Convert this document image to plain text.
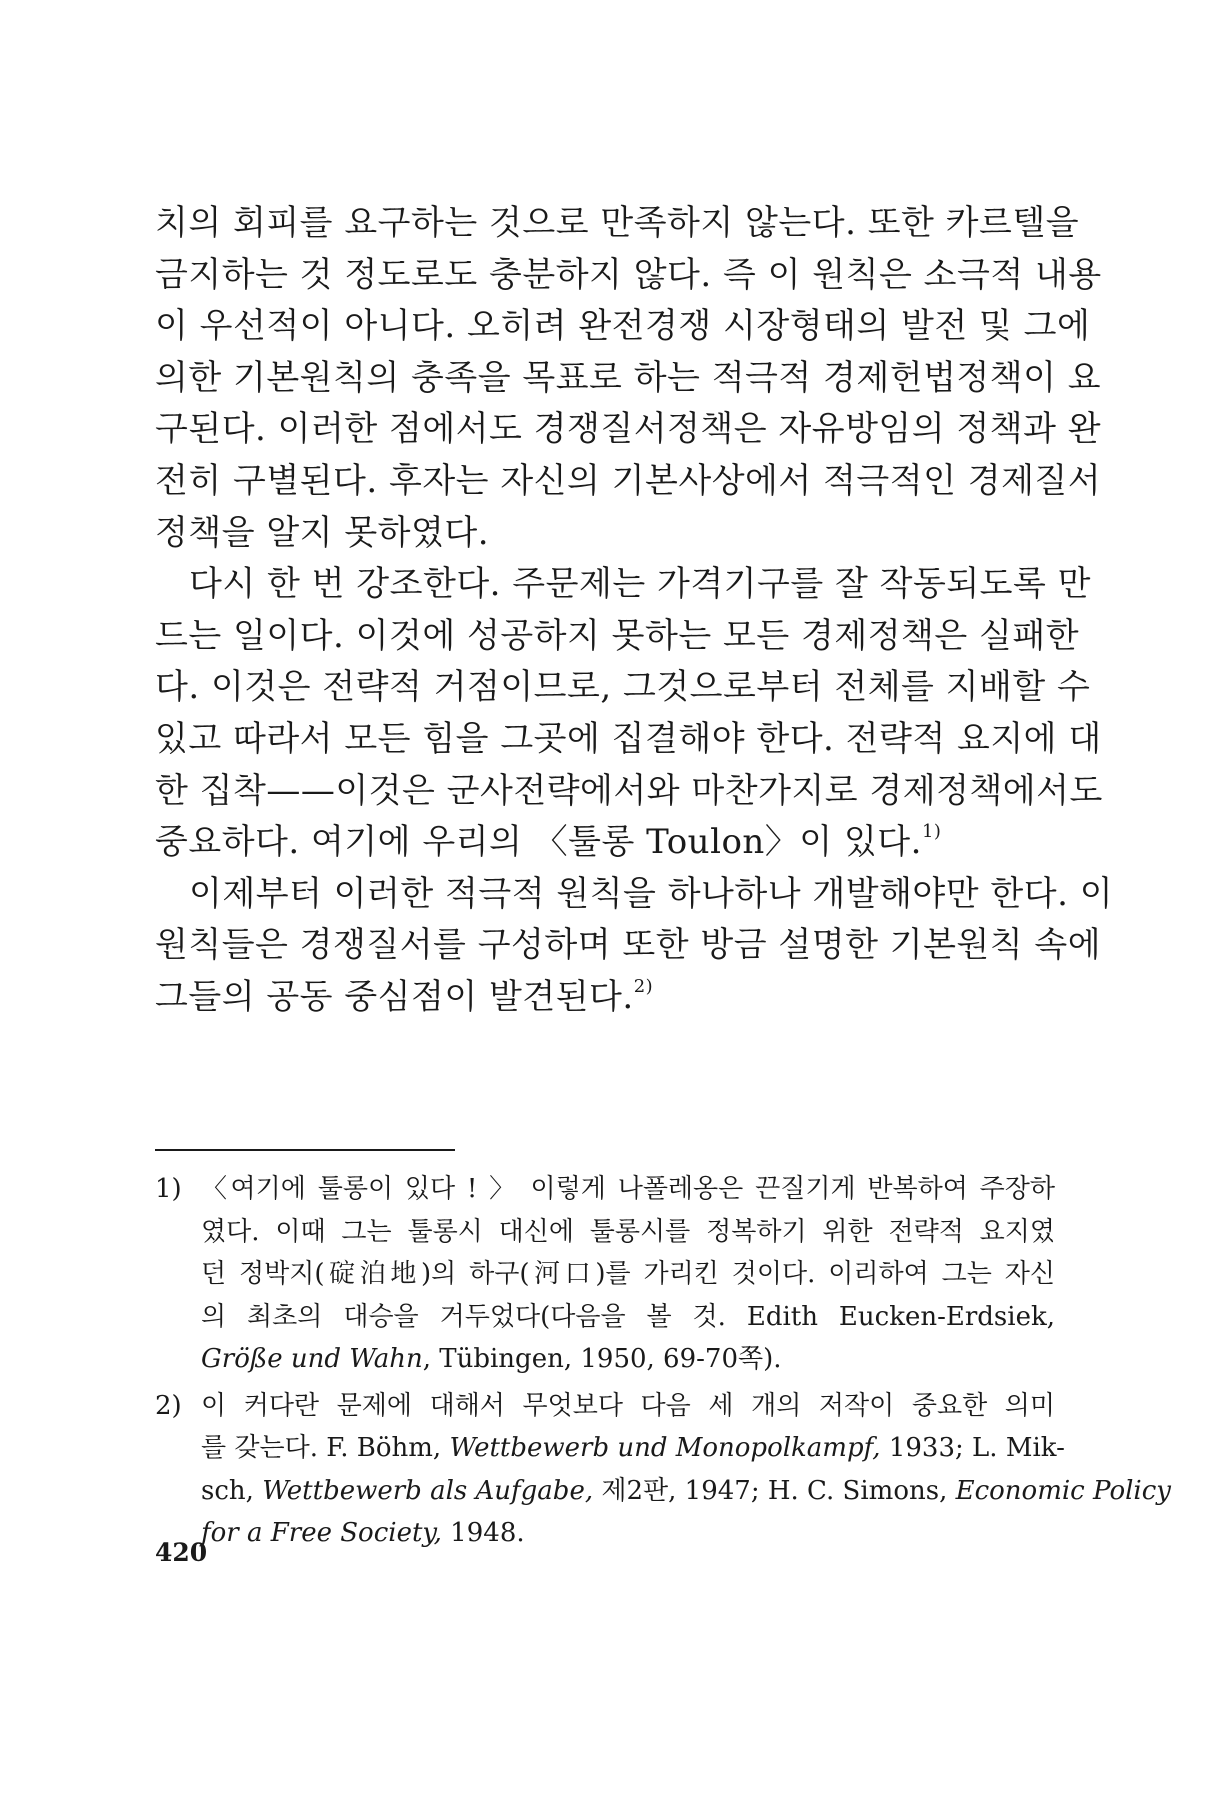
치의 회피를 요구하는 것으로 만족하지 않는다. 또한 카르텔을
금지하는 것 정도로도 충분하지 않다. 즉 이 원칙은 소극적 내용
이 우선적이 아니다. 오히려 완전경쟁 시장형태의 발전 및 그에
의한 기본원칙의 충족을 목표로 하는 적극적 경제헌법정책이 요
구된다. 이러한 점에서도 경쟁질서정책은 자유방임의 정책과 완
전히 구별된다. 후자는 자신의 기본사상에서 적극적인 경제질서
정책을 알지 못하였다.

다시 한 번 강조한다. 주문제는 가격기구를 잘 작동되도록 만
드는 일이다. 이것에 성공하지 못하는 모든 경제정책은 실패한
다. 이것은 전략적 거점이므로, 그것으로부터 전체를 지배할 수
있고 따라서 모든 힘을 그곳에 집결해야 한다. 전략적 요지에 대
한 집착——이것은 군사전략에서와 마찬가지로 경제정책에서도
중요하다. 여기에 우리의 〈툴롱 Toulon〉이 있다.$^{1)}$

이제부터 이러한 적극적 원칙을 하나하나 개발해야만 한다. 이
원칙들은 경쟁질서를 구성하며 또한 방금 설명한 기본원칙 속에
그들의 공동 중심점이 발견된다.$^{2)}$

1) 〈여기에 툴롱이 있다 ! 〉 이렇게 나폴레옹은 끈질기게 반복하여 주장하
였다. 이때 그는 툴롱시 대신에 툴롱시를 정복하기 위한 전략적 요지였
던 정박지(碇泊地)의 하구(河口)를 가리킨 것이다. 이리하여 그는 자신
의 최초의 대승을 거두었다(다음을 볼 것. Edith Eucken-Erdsiek,
Größe und Wahn, Tübingen, 1950, 69-70쪽).
2) 이 커다란 문제에 대해서 무엇보다 다음 세 개의 저작이 중요한 의미
를 갖는다. F. Böhm, Wettbewerb und Monopolkampf, 1933; L. Mik-
sch, Wettbewerb als Aufgabe, 제2판, 1947; H. C. Simons, Economic Policy
for a Free Society, 1948.
420
